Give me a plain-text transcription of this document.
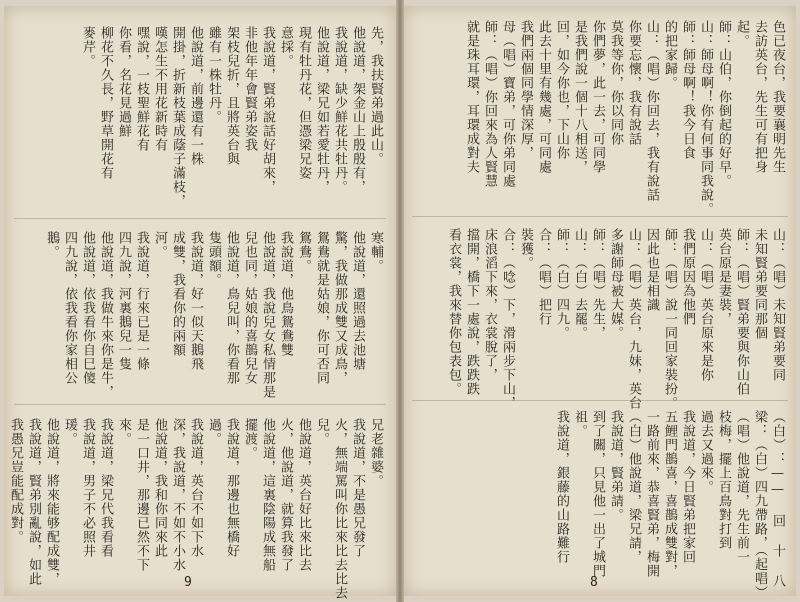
先，我扶賢弟過此山。
他說道，架金山上殷殷有，
我說道，缺少鮮花共牡丹。
他說道，梁兄如若愛牡丹，
現有牡丹花，但憑梁兄姿
意採。
我說道，賢弟說話好胡來，
非他年年會賢弟姿我
架枝兒折，且將英台與
雖有一株牡丹。
他說道，前邊還有一株
開掛，折新枝葉成蔭子滿枝，
嘆怎生不用花新時有
嘿說，一枝聖鮮花有
你看，名花見過鮮
柳花不久長，野草開花有
麥芹。
寒輔。
他說道，還照過去池塘
驚，我做那成雙又成鳥，
鴛鴦就是姑娘，你可否同
鴛鴦。
我說道，他鳥鴛鴦雙
他說道，我說兒女私情那是
兒也同，姑娘的喜鵲兒女
他說道，鳥兒叫，你看那
隻頭額。
我說道，好一似天鵝飛
成雙，我看你的兩額
河。
我說道，行來已是一條
四九說，河裏鵝兒一隻
他說道，我做牛來你是牛，
他說道，依我看你自巳傻
四九說，依我看你家相公
鵝。
兄老雜婆。
我說道，不是愚兄發了
火，無端罵叫你比來比去比去
兒。
他說道，英台好比來比去
火，他說道，就算我發了
他說道，這裏陰陽成無船
擺渡。
我說道，那邊也無橋好
過。
我說道，英台不如下水
深，我說道，不如不小水
他說道，我和你同來此
是一口井，那邊已然不下
來。
我說道，梁兄代我看看
我說道，男子不必照井
瑗。
他說道，將來能够配成雙，
我說道，賢弟別亂說，如此
我愚兄豈能配成對。
9
色已夜台，我要襄明先生
去訪英台，先生可有把身
起。
師：山伯，你倒起的好早。
山：師母啊！你有何事同我說。
師：師母啊！我今日食
的把家歸。
山：（唱）你回去，我有說話
你要忘懷，我有說話
莫我等你，你以同你
你們夢，此一去，可同學
是我們說一個十八相送，
回，如今你也，下山你
此去十里有幾處，可同處
我們兩個同學情深厚，
母（唱）寶弟，可你弟同處
師：（唱）你回來為人賢慧
就是珠耳環，耳環成對夫
山：（唱）未知賢弟要同
未知賢弟要同那個
師：（唱）賢弟要與你山伯
英台原是妻裝，
山：（唱）英台原來是你
我們原因為他們
師：（唱）說一同回家裝扮。
因此也是相識
山：（唱）英台，九妹，英台
多謝師母被大媒。
師：（唱）先生，
山：（白）去罷。
師：（白）四九。
合：（唱）把行
裝獲。
合：（唸）下，滑兩步下山，
床浪滔下來，衣裳脫了，
擋開，橋下一處說，跌跌跌
看衣裳，我來替你包表包。
（白）：—— 回 十 八
梁：（白）四九帶路，（起唱）
（唱）他說道，先生前一
枝梅，擺上百鳥對打到
過去又過來。
我說道，今日賢弟把家回
五鯉門鵲喜，喜鵲成雙對，
一路前來，恭喜賢弟，梅開
（白）他說道，梁兄請，
我說道，賢弟請。
到了關，只見他一出了城門
祖。
我說道，銀藤的山路難行
8
